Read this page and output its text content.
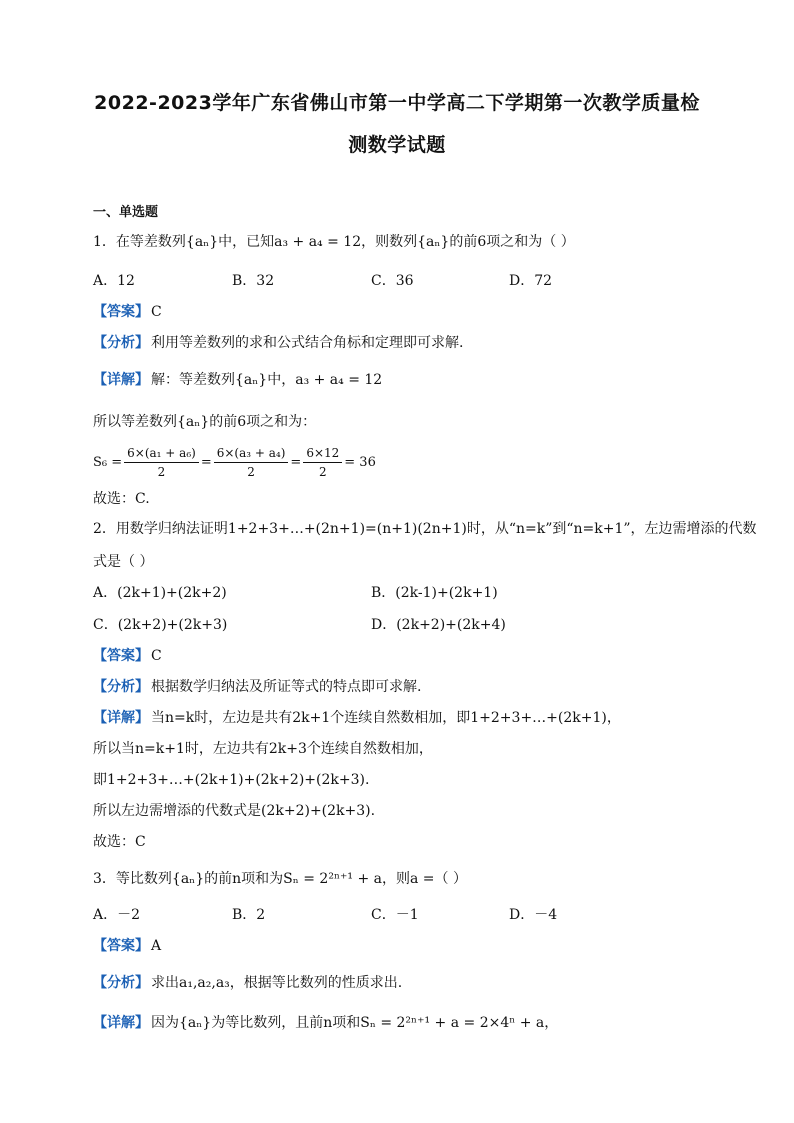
2022-2023学年广东省佛山市第一中学高二下学期第一次教学质量检
测数学试题
一、单选题
1．在等差数列{aₙ}中，已知a₃ + a₄ = 12，则数列{aₙ}的前6项之和为（ ）
A．12	B．32	C．36	D．72
【答案】 C
【分析】 利用等差数列的求和公式结合角标和定理即可求解.
【详解】 解：等差数列{aₙ}中，a₃ + a₄ = 12
所以等差数列{aₙ}的前6项之和为：
$S_6 = \frac{\text{6×(a₁ + a₆)}}{2} = \frac{\text{6×(a₃ + a₄)}}{2} = \frac{6\times 12}{2} = 36$
故选：C.
2．用数学归纳法证明1+2+3+…+(2n+1)=(n+1)(2n+1)时，从“n=k”到“n=k+1”，左边需增添的代数
式是（ ）
A．(2k+1)+(2k+2)	B．(2k-1)+(2k+1)
C．(2k+2)+(2k+3)	D．(2k+2)+(2k+4)
【答案】 C
【分析】 根据数学归纳法及所证等式的特点即可求解.
【详解】 当n=k时，左边是共有2k+1个连续自然数相加，即1+2+3+…+(2k+1)，
所以当n=k+1时，左边共有2k+3个连续自然数相加，
即1+2+3+…+(2k+1)+(2k+2)+(2k+3).
所以左边需增添的代数式是(2k+2)+(2k+3).
故选：C
3．等比数列{aₙ}的前n项和为Sₙ = 2²ⁿ⁺¹ + a，则a =（ ）
A．－2	B．2	C．－1	D．－4
【答案】 A
【分析】 求出a₁,a₂,a₃，根据等比数列的性质求出.
【详解】 因为{aₙ}为等比数列，且前n项和Sₙ = 2²ⁿ⁺¹ + a = 2×4ⁿ + a，
